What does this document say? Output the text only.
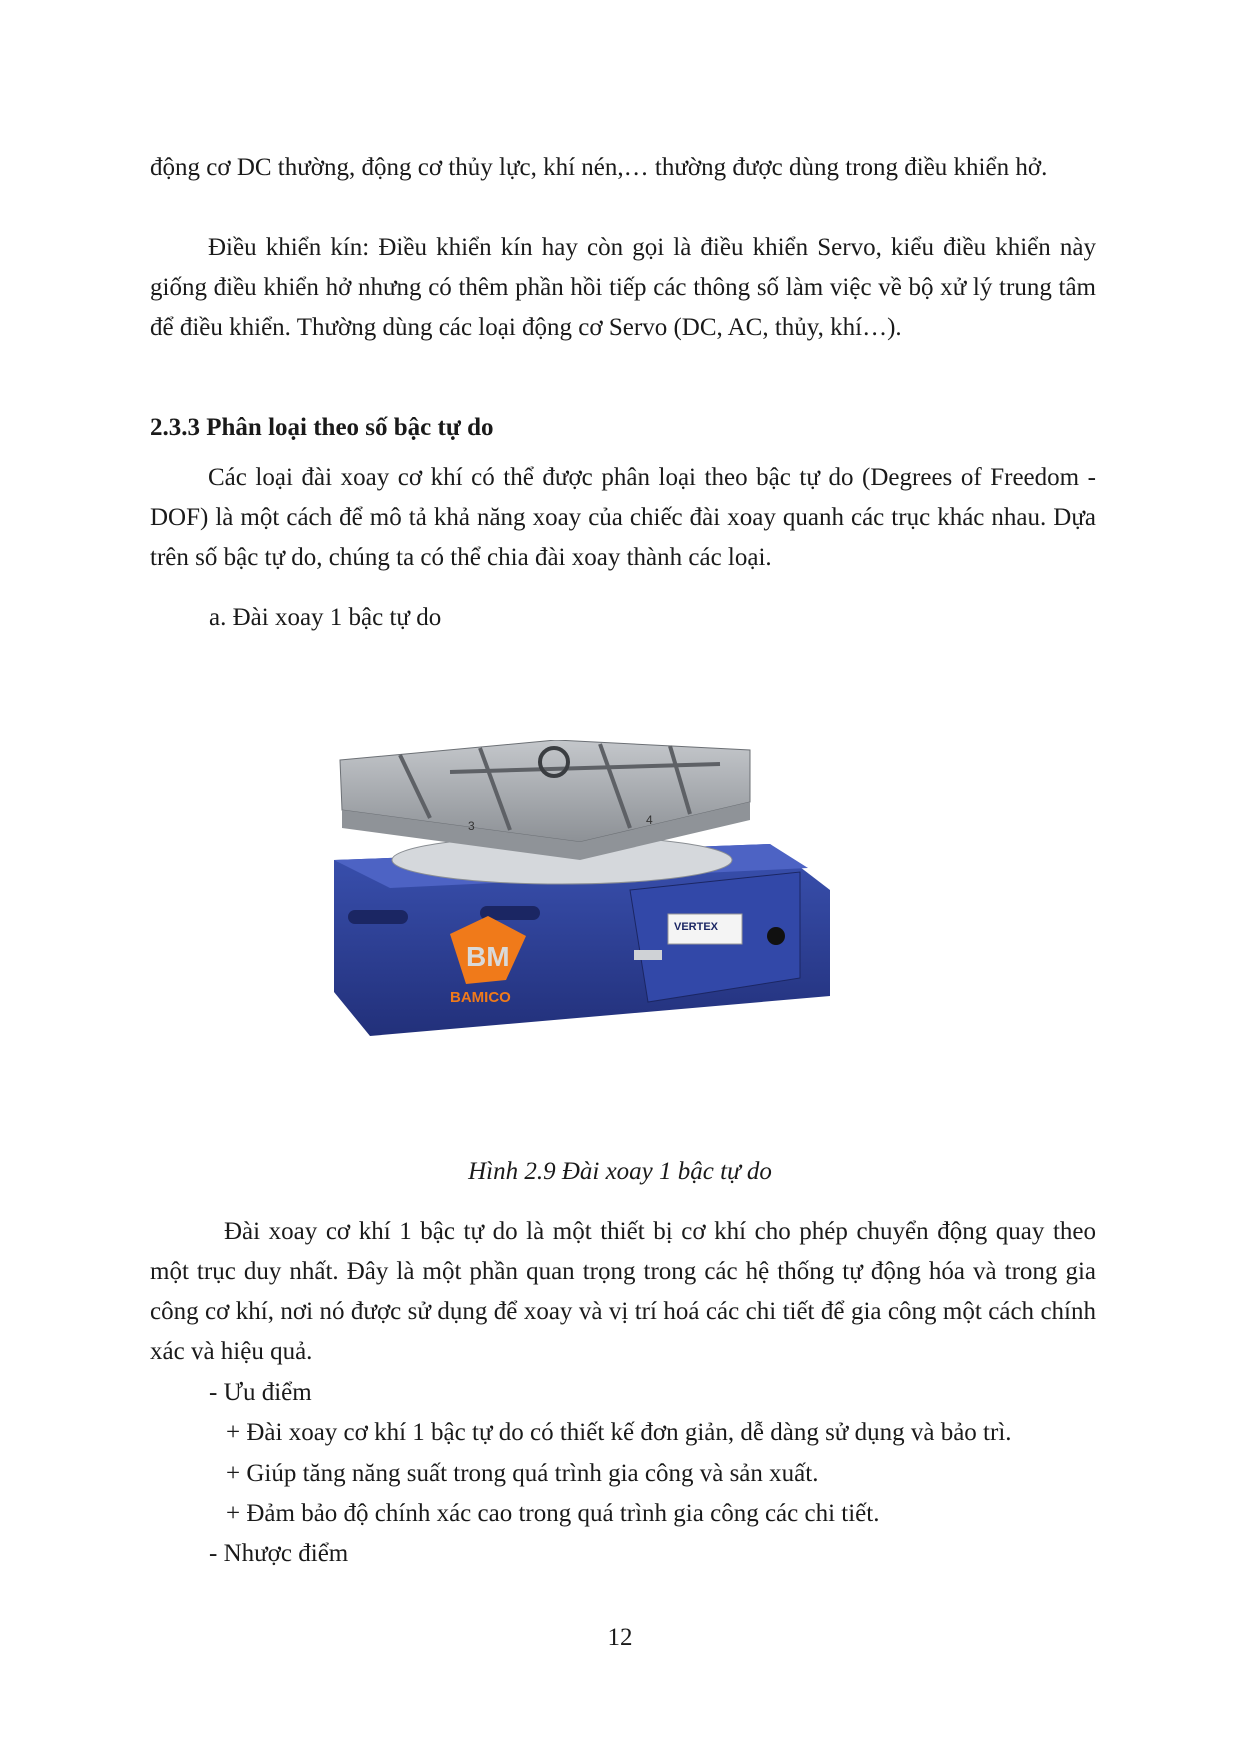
động cơ DC thường, động cơ thủy lực, khí nén,… thường được dùng trong điều khiển hở.

Điều khiển kín: Điều khiển kín hay còn gọi là điều khiển Servo, kiểu điều khiển này giống điều khiển hở nhưng có thêm phần hồi tiếp các thông số làm việc về bộ xử lý trung tâm để điều khiển. Thường dùng các loại động cơ Servo (DC, AC, thủy, khí…).

2.3.3 Phân loại theo số bậc tự do

Các loại đài xoay cơ khí có thể được phân loại theo bậc tự do (Degrees of Freedom - DOF) là một cách để mô tả khả năng xoay của chiếc đài xoay quanh các trục khác nhau. Dựa trên số bậc tự do, chúng ta có thể chia đài xoay thành các loại.

a. Đài xoay 1 bậc tự do
3	4
VERTEX
BM
BAMICO
Hình 2.9 Đài xoay 1 bậc tự do

Đài xoay cơ khí 1 bậc tự do là một thiết bị cơ khí cho phép chuyển động quay theo một trục duy nhất. Đây là một phần quan trọng trong các hệ thống tự động hóa và trong gia công cơ khí, nơi nó được sử dụng để xoay và vị trí hoá các chi tiết để gia công một cách chính xác và hiệu quả.

- Ưu điểm
+ Đài xoay cơ khí 1 bậc tự do có thiết kế đơn giản, dễ dàng sử dụng và bảo trì.
+ Giúp tăng năng suất trong quá trình gia công và sản xuất.
+ Đảm bảo độ chính xác cao trong quá trình gia công các chi tiết.
- Nhược điểm
12
